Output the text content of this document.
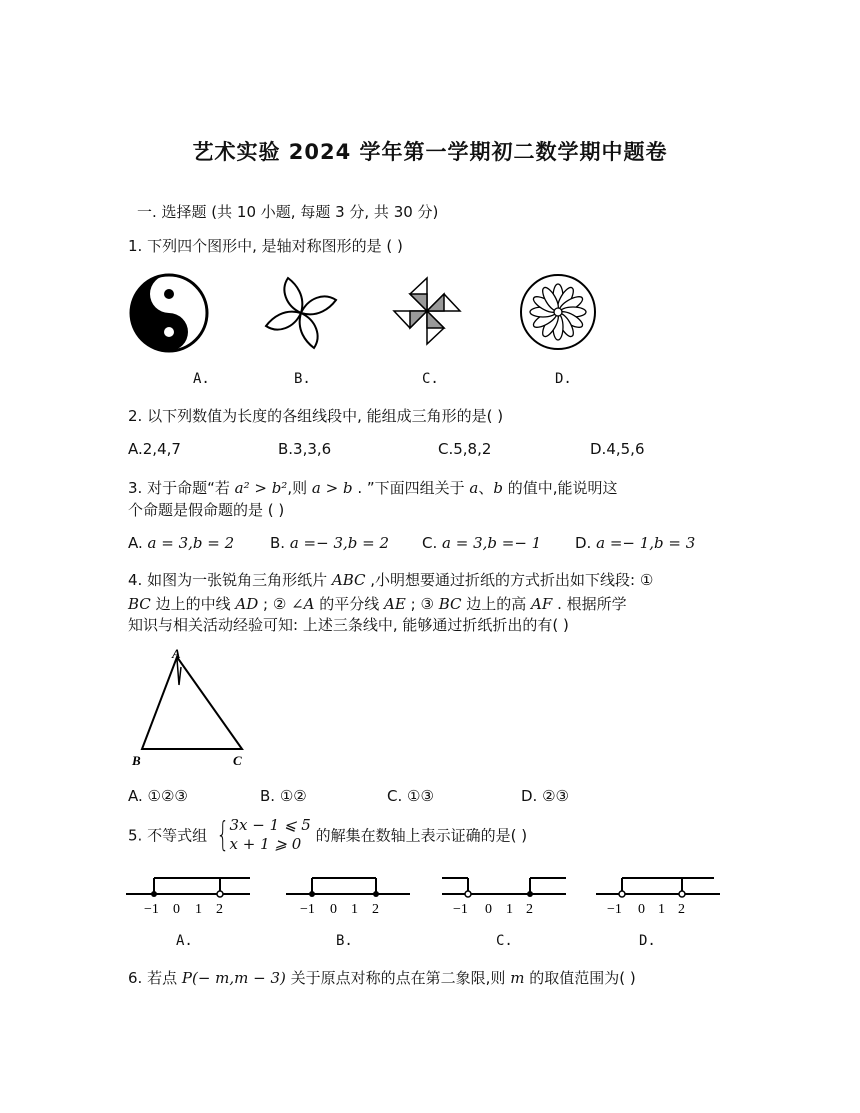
艺术实验 2024 学年第一学期初二数学期中题卷
一. 选择题 (共 10 小题, 每题 3 分, 共 30 分)
1. 下列四个图形中, 是轴对称图形的是 ( )
A.	B.	C.	D.
2. 以下列数值为长度的各组线段中, 能组成三角形的是( )
A.2,4,7	B.3,3,6	C.5,8,2	D.4,5,6
3. 对于命题“若 a² > b²,则 a > b . ”下面四组关于 a、b 的值中,能说明这
个命题是假命题的是 ( )
A. a = 3,b = 2 B. a =− 3,b = 2 C. a = 3,b =− 1 D. a =− 1,b = 3
4. 如图为一张锐角三角形纸片 ABC ,小明想要通过折纸的方式折出如下线段: ①
BC 边上的中线 AD ; ② ∠A 的平分线 AE ; ③ BC 边上的高 AF . 根据所学
知识与相关活动经验可知: 上述三条线中, 能够通过折纸折出的有( )
A
B	C
A. ①②③	B. ①②	C. ①③	D. ②③
5. 不等式组 { 3x − 1 ⩽ 5
x + 1 ⩾ 0 的解集在数轴上表示证确的是( )
−1 0 1 2	−1 0 1 2	−1 0 1 2	−1 0 1 2
A.	B.	C.	D.
6. 若点 P(− m,m − 3) 关于原点对称的点在第二象限,则 m 的取值范围为( )
